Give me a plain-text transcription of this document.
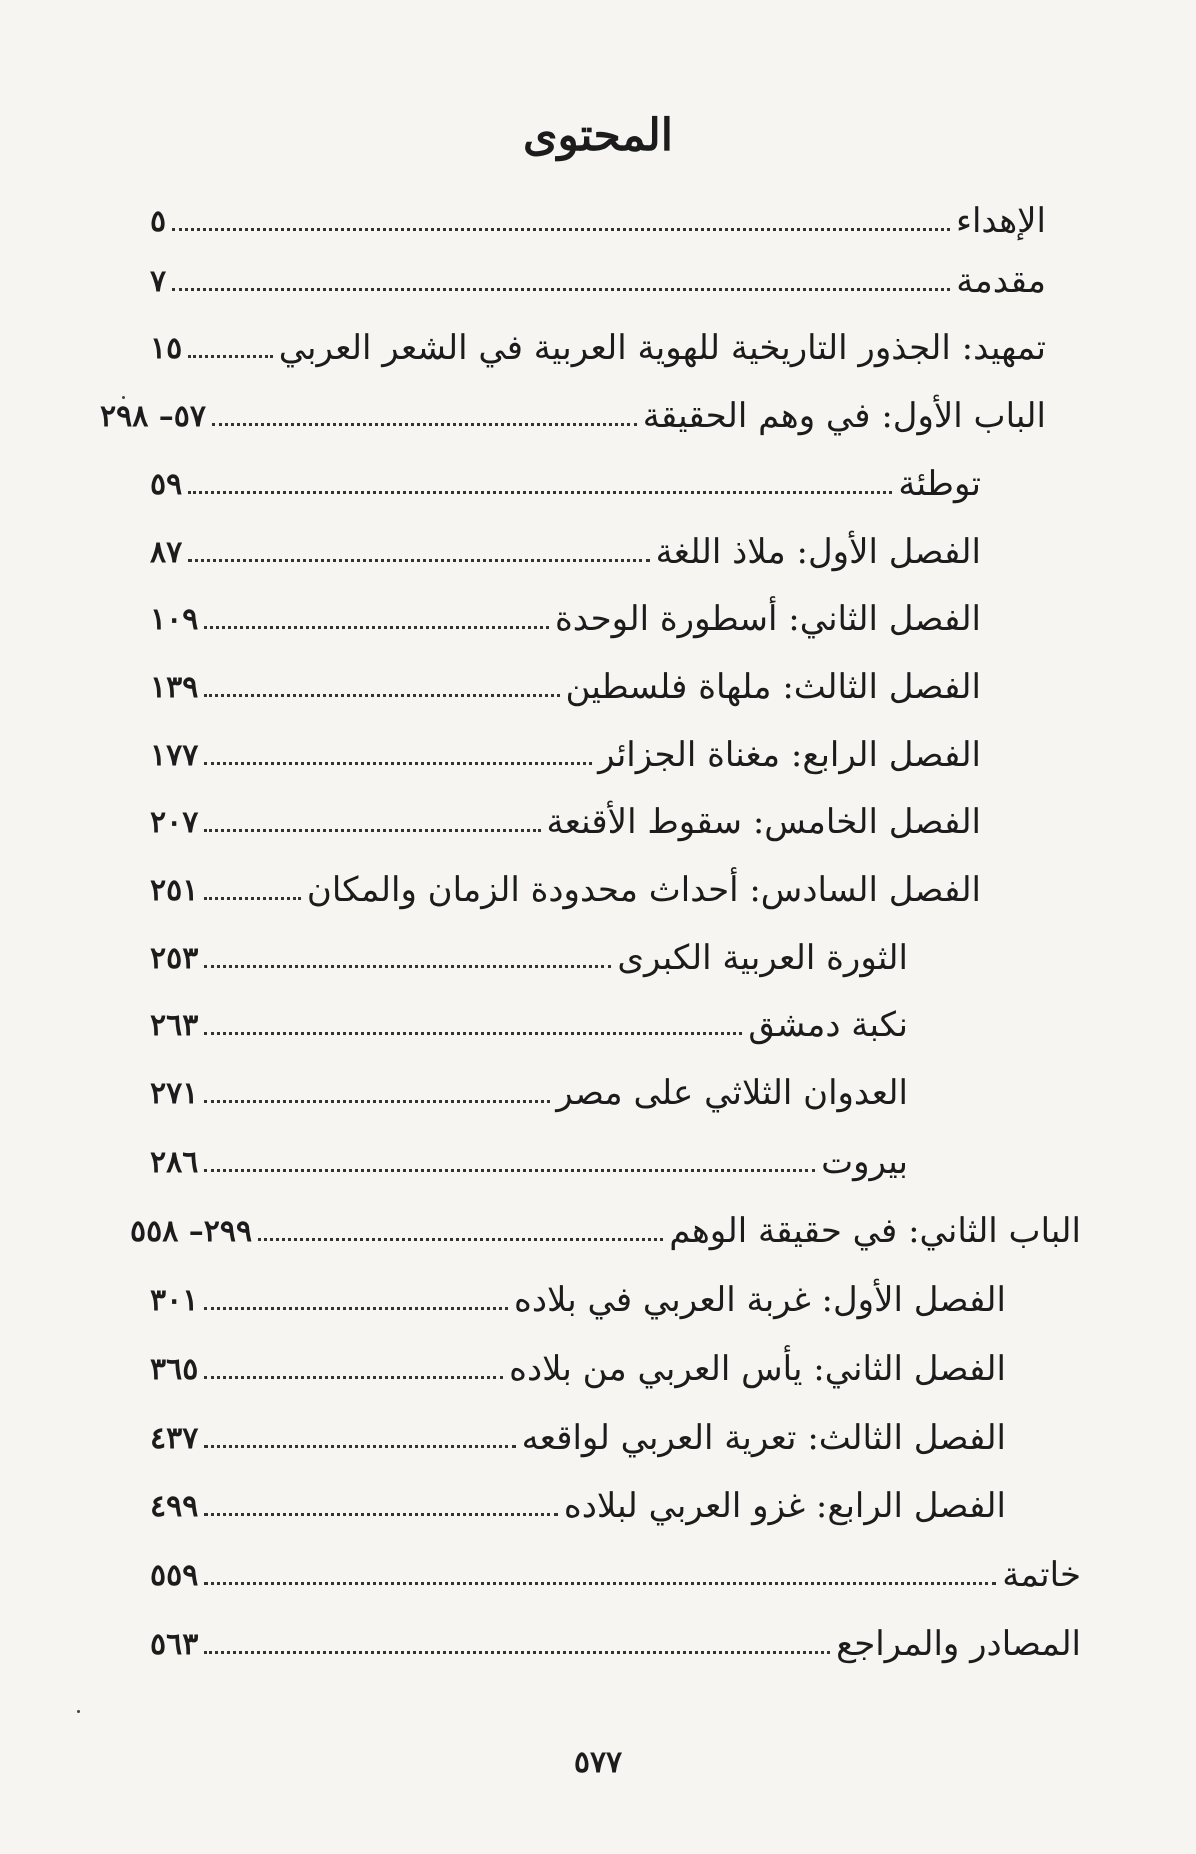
المحتوى
الإهداء
٥
مقدمة
٧
تمهيد: الجذور التاريخية للهوية العربية في الشعر العربي
١٥
الباب الأول: في وهم الحقيقة
٥٧– ٢٩٨
توطئة
٥٩
الفصل الأول: ملاذ اللغة
٨٧
الفصل الثاني: أسطورة الوحدة
١٠٩
الفصل الثالث: ملهاة فلسطين
١٣٩
الفصل الرابع: مغناة الجزائر
١٧٧
الفصل الخامس: سقوط الأقنعة
٢٠٧
الفصل السادس: أحداث محدودة الزمان والمكان
٢٥١
الثورة العربية الكبرى
٢٥٣
نكبة دمشق
٢٦٣
العدوان الثلاثي على مصر
٢٧١
بيروت
٢٨٦
الباب الثاني: في حقيقة الوهم
٢٩٩– ٥٥٨
الفصل الأول: غربة العربي في بلاده
٣٠١
الفصل الثاني: يأس العربي من بلاده
٣٦٥
الفصل الثالث: تعرية العربي لواقعه
٤٣٧
الفصل الرابع: غزو العربي لبلاده
٤٩٩
خاتمة
٥٥٩
المصادر والمراجع
٥٦٣
٥٧٧
